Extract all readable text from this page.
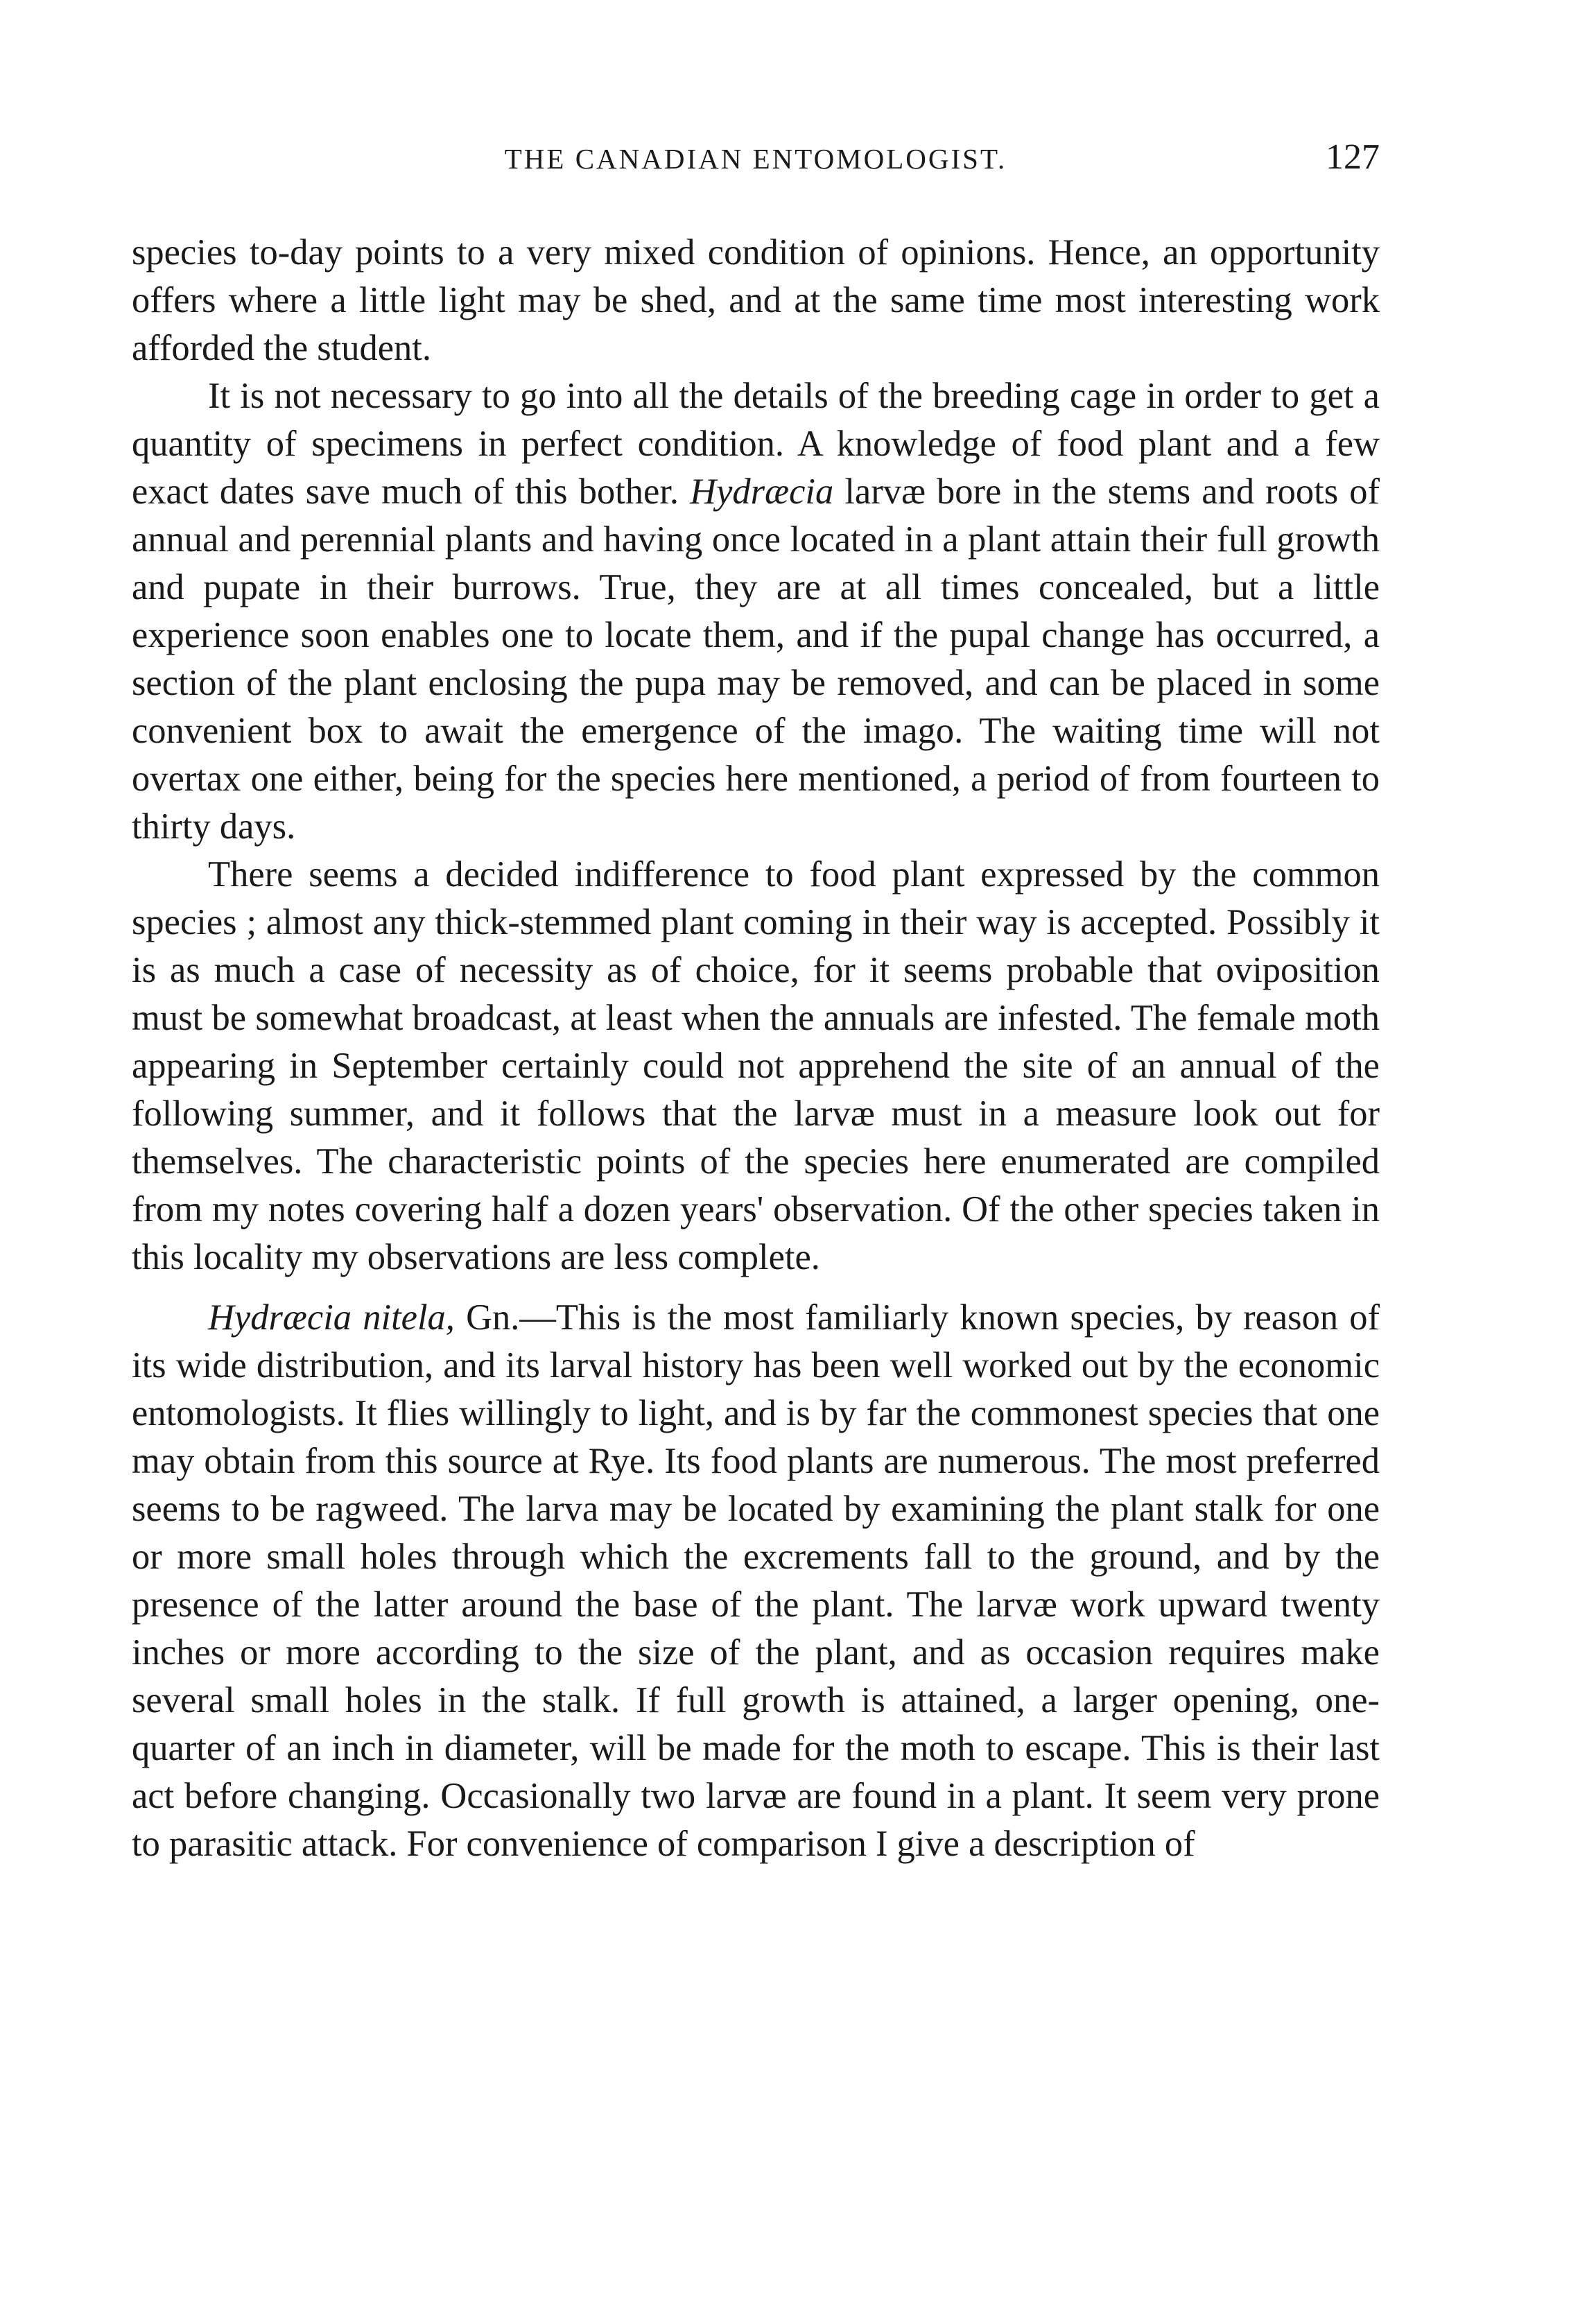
THE CANADIAN ENTOMOLOGIST.	127

species to-day points to a very mixed condition of opinions. Hence, an opportunity offers where a little light may be shed, and at the same time most interesting work afforded the student.

It is not necessary to go into all the details of the breeding cage in order to get a quantity of specimens in perfect condition. A knowledge of food plant and a few exact dates save much of this bother. Hydræcia larvæ bore in the stems and roots of annual and perennial plants and having once located in a plant attain their full growth and pupate in their burrows. True, they are at all times concealed, but a little experience soon enables one to locate them, and if the pupal change has occurred, a section of the plant enclosing the pupa may be removed, and can be placed in some convenient box to await the emergence of the imago. The waiting time will not overtax one either, being for the species here mentioned, a period of from fourteen to thirty days.

There seems a decided indifference to food plant expressed by the common species ; almost any thick-stemmed plant coming in their way is accepted. Possibly it is as much a case of necessity as of choice, for it seems probable that oviposition must be somewhat broadcast, at least when the annuals are infested. The female moth appearing in September certainly could not apprehend the site of an annual of the following summer, and it follows that the larvæ must in a measure look out for themselves. The characteristic points of the species here enumerated are compiled from my notes covering half a dozen years' observation. Of the other species taken in this locality my observations are less complete.

Hydræcia nitela, Gn.—This is the most familiarly known species, by reason of its wide distribution, and its larval history has been well worked out by the economic entomologists. It flies willingly to light, and is by far the commonest species that one may obtain from this source at Rye. Its food plants are numerous. The most preferred seems to be ragweed. The larva may be located by examining the plant stalk for one or more small holes through which the excrements fall to the ground, and by the presence of the latter around the base of the plant. The larvæ work upward twenty inches or more according to the size of the plant, and as occasion requires make several small holes in the stalk. If full growth is attained, a larger opening, one-quarter of an inch in diameter, will be made for the moth to escape. This is their last act before changing. Occasionally two larvæ are found in a plant. It seem very prone to parasitic attack. For convenience of comparison I give a description of
